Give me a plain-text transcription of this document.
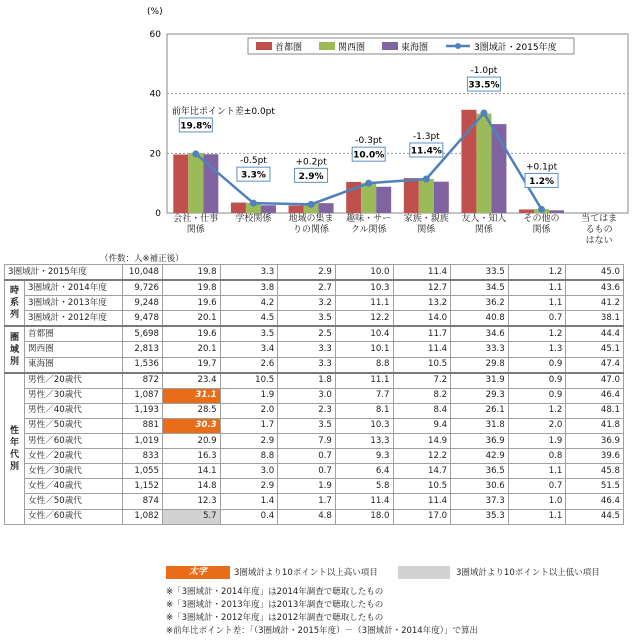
0
20
40
60
19.8%
前年比ポイント差±0.0pt
3.3%
-0.5pt
2.9%
+0.2pt
10.0%
-0.3pt
11.4%
-1.3pt
33.5%
-1.0pt
1.2%
+0.1pt
首都圏	関西圏	東海圏	3圏域計・2015年度
(%)
会社・仕事
関係
学校関係 地域の集ま
りの関係
趣味・サー
クル関係
家族・親族
関係
友人・知人
関係
その他の
関係
当てはま
るもの
はない
（件数：人※補正後）
3圏域計・2015年度		10,048	19.8	3.3	2.9	10.0	11.4	33.5	1.2	45.0

時
系
列	3圏域計・2014年度	9,726	19.8	3.8	2.7	10.3	12.7	34.5	1.1	43.6
	3圏域計・2013年度	9,248	19.6	4.2	3.2	11.1	13.2	36.2	1.1	41.2
	3圏域計・2012年度	9,478	20.1	4.5	3.5	12.2	14.0	40.8	0.7	38.1

圏
域
別	首都圏	5,698	19.6	3.5	2.5	10.4	11.7	34.6	1.2	44.4
	関西圏	2,813	20.1	3.4	3.3	10.1	11.4	33.3	1.3	45.1
	東海圏	1,536	19.7	2.6	3.3	8.8	10.5	29.8	0.9	47.4

性
年
代
別	男性／20歳代	872	23.4	10.5	1.8	11.1	7.2	31.9	0.9	47.0
	男性／30歳代	1,087	31.1	1.9	3.0	7.7	8.2	29.3	0.9	46.4
	男性／40歳代	1,193	28.5	2.0	2.3	8.1	8.4	26.1	1.2	48.1
	男性／50歳代	881	30.3	1.7	3.5	10.3	9.4	31.8	2.0	41.8
	男性／60歳代	1,019	20.9	2.9	7.9	13.3	14.9	36.9	1.9	36.9
	女性／20歳代	833	16.3	8.8	0.7	9.3	12.2	42.9	0.8	39.6
	女性／30歳代	1,055	14.1	3.0	0.7	6.4	14.7	36.5	1.1	45.8
	女性／40歳代	1,152	14.8	2.9	1.9	5.8	10.5	30.6	0.7	51.5
	女性／50歳代	874	12.3	1.4	1.7	11.4	11.4	37.3	1.0	46.4
	女性／60歳代	1,082	5.7	0.4	4.8	18.0	17.0	35.3	1.1	44.5
太字	3圏域計より10ポイント以上高い項目	3圏域計より10ポイント以上低い項目
※「3圏域計・2014年度」は2014年調査で聴取したもの
※「3圏域計・2013年度」は2013年調査で聴取したもの
※「3圏域計・2012年度」は2012年調査で聴取したもの
※前年比ポイント差：「（3圏域計・2015年度）－（3圏域計・2014年度）」で算出
